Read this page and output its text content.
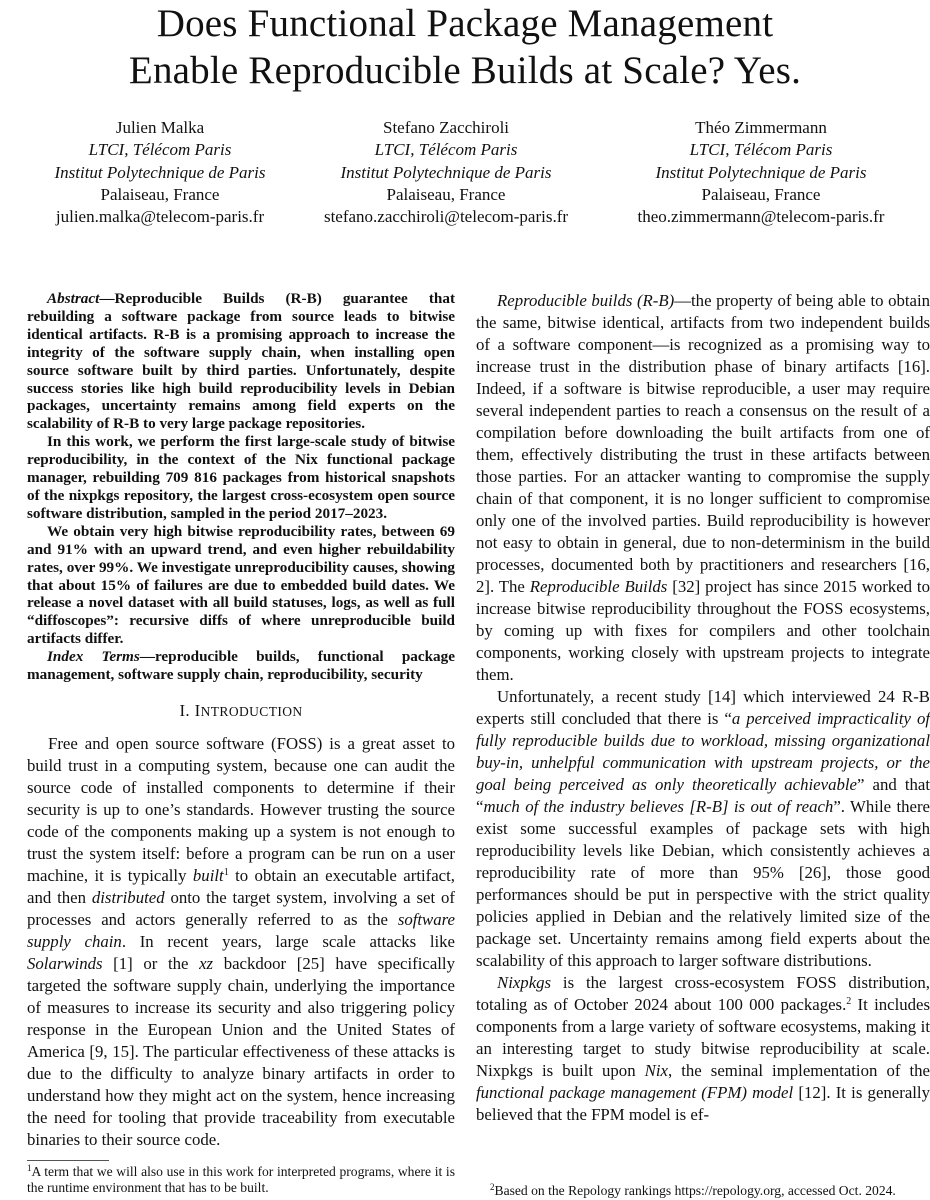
Does Functional Package Management
Enable Reproducible Builds at Scale? Yes.
Julien Malka
LTCI, Télécom Paris
Institut Polytechnique de Paris
Palaiseau, France
julien.malka@telecom-paris.fr
Stefano Zacchiroli
LTCI, Télécom Paris
Institut Polytechnique de Paris
Palaiseau, France
stefano.zacchiroli@telecom-paris.fr
Théo Zimmermann
LTCI, Télécom Paris
Institut Polytechnique de Paris
Palaiseau, France
theo.zimmermann@telecom-paris.fr

Abstract—Reproducible Builds (R-B) guarantee that rebuilding a software package from source leads to bitwise identical artifacts. R-B is a promising approach to increase the integrity of the software supply chain, when installing open source software built by third parties. Unfortunately, despite success stories like high build reproducibility levels in Debian packages, uncertainty remains among field experts on the scalability of R-B to very large package repositories.

In this work, we perform the first large-scale study of bitwise reproducibility, in the context of the Nix functional package manager, rebuilding 709 816 packages from historical snapshots of the nixpkgs repository, the largest cross-ecosystem open source software distribution, sampled in the period 2017–2023.

We obtain very high bitwise reproducibility rates, between 69 and 91% with an upward trend, and even higher rebuildability rates, over 99%. We investigate unreproducibility causes, showing that about 15% of failures are due to embedded build dates. We release a novel dataset with all build statuses, logs, as well as full “diffoscopes”: recursive diffs of where unreproducible build artifacts differ.

Index Terms—reproducible builds, functional package management, software supply chain, reproducibility, security

I. INTRODUCTION

Free and open source software (FOSS) is a great asset to build trust in a computing system, because one can audit the source code of installed components to determine if their security is up to one’s standards. However trusting the source code of the components making up a system is not enough to trust the system itself: before a program can be run on a user machine, it is typically built$^1$ to obtain an executable artifact, and then distributed onto the target system, involving a set of processes and actors generally referred to as the software supply chain. In recent years, large scale attacks like Solarwinds [1] or the xz backdoor [25] have specifically targeted the software supply chain, underlying the importance of measures to increase its security and also triggering policy response in the European Union and the United States of America [9, 15]. The particular effectiveness of these attacks is due to the difficulty to analyze binary artifacts in order to understand how they might act on the system, hence increasing the need for tooling that provide traceability from executable binaries to their source code.

Reproducible builds (R-B)—the property of being able to obtain the same, bitwise identical, artifacts from two independent builds of a software component—is recognized as a promising way to increase trust in the distribution phase of binary artifacts [16]. Indeed, if a software is bitwise reproducible, a user may require several independent parties to reach a consensus on the result of a compilation before downloading the built artifacts from one of them, effectively distributing the trust in these artifacts between those parties. For an attacker wanting to compromise the supply chain of that component, it is no longer sufficient to compromise only one of the involved parties. Build reproducibility is however not easy to obtain in general, due to non-determinism in the build processes, documented both by practitioners and researchers [16, 2]. The Reproducible Builds [32] project has since 2015 worked to increase bitwise reproducibility throughout the FOSS ecosystems, by coming up with fixes for compilers and other toolchain components, working closely with upstream projects to integrate them.

Unfortunately, a recent study [14] which interviewed 24 R-B experts still concluded that there is “a perceived impracticality of fully reproducible builds due to workload, missing organizational buy-in, unhelpful communication with upstream projects, or the goal being perceived as only theoretically achievable” and that “much of the industry believes [R-B] is out of reach”. While there exist some successful examples of package sets with high reproducibility levels like Debian, which consistently achieves a reproducibility rate of more than 95% [26], those good performances should be put in perspective with the strict quality policies applied in Debian and the relatively limited size of the package set. Uncertainty remains among field experts about the scalability of this approach to larger software distributions.

Nixpkgs is the largest cross-ecosystem FOSS distribution, totaling as of October 2024 about 100 000 packages.$^2$ It includes components from a large variety of software ecosystems, making it an interesting target to study bitwise reproducibility at scale. Nixpkgs is built upon Nix, the seminal implementation of the functional package management (FPM) model [12]. It is generally believed that the FPM model is ef-

$^1$A term that we will also use in this work for interpreted programs, where it is the runtime environment that has to be built.	$^2$Based on the Repology rankings https://repology.org, accessed Oct. 2024.
